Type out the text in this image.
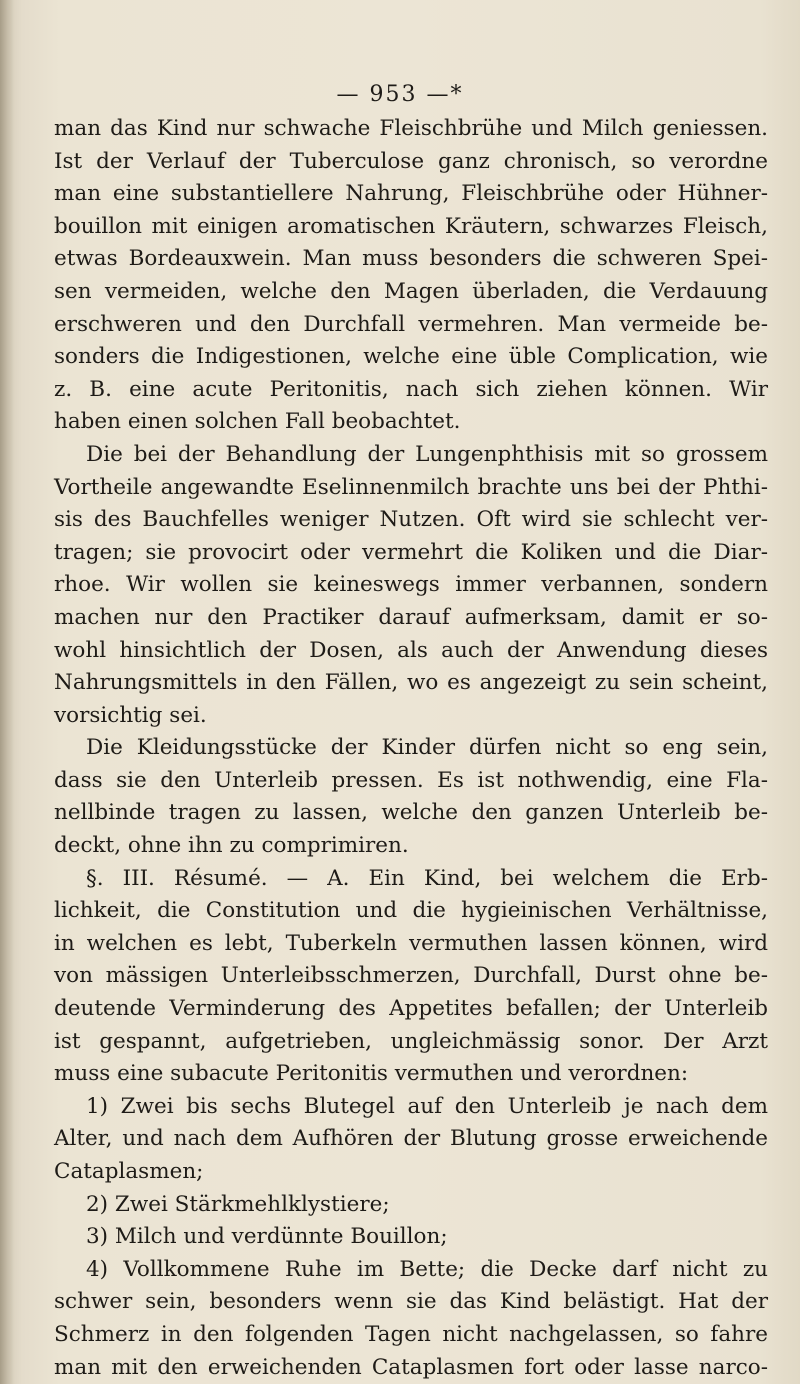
— 953 —*
man das Kind nur schwache Fleischbrühe und Milch geniessen.
Ist der Verlauf der Tuberculose ganz chronisch, so verordne
man eine substantiellere Nahrung, Fleischbrühe oder Hühner-
bouillon mit einigen aromatischen Kräutern, schwarzes Fleisch,
etwas Bordeauxwein. Man muss besonders die schweren Spei-
sen vermeiden, welche den Magen überladen, die Verdauung
erschweren und den Durchfall vermehren. Man vermeide be-
sonders die Indigestionen, welche eine üble Complication, wie
z. B. eine acute Peritonitis, nach sich ziehen können. Wir
haben einen solchen Fall beobachtet.
Die bei der Behandlung der Lungenphthisis mit so grossem
Vortheile angewandte Eselinnenmilch brachte uns bei der Phthi-
sis des Bauchfelles weniger Nutzen. Oft wird sie schlecht ver-
tragen; sie provocirt oder vermehrt die Koliken und die Diar-
rhoe. Wir wollen sie keineswegs immer verbannen, sondern
machen nur den Practiker darauf aufmerksam, damit er so-
wohl hinsichtlich der Dosen, als auch der Anwendung dieses
Nahrungsmittels in den Fällen, wo es angezeigt zu sein scheint,
vorsichtig sei.
Die Kleidungsstücke der Kinder dürfen nicht so eng sein,
dass sie den Unterleib pressen. Es ist nothwendig, eine Fla-
nellbinde tragen zu lassen, welche den ganzen Unterleib be-
deckt, ohne ihn zu comprimiren.
§. III. Résumé. — A. Ein Kind, bei welchem die Erb-
lichkeit, die Constitution und die hygieinischen Verhältnisse,
in welchen es lebt, Tuberkeln vermuthen lassen können, wird
von mässigen Unterleibsschmerzen, Durchfall, Durst ohne be-
deutende Verminderung des Appetites befallen; der Unterleib
ist gespannt, aufgetrieben, ungleichmässig sonor. Der Arzt
muss eine subacute Peritonitis vermuthen und verordnen:
1) Zwei bis sechs Blutegel auf den Unterleib je nach dem
Alter, und nach dem Aufhören der Blutung grosse erweichende
Cataplasmen;
2) Zwei Stärkmehlklystiere;
3) Milch und verdünnte Bouillon;
4) Vollkommene Ruhe im Bette; die Decke darf nicht zu
schwer sein, besonders wenn sie das Kind belästigt. Hat der
Schmerz in den folgenden Tagen nicht nachgelassen, so fahre
man mit den erweichenden Cataplasmen fort oder lasse narco-
